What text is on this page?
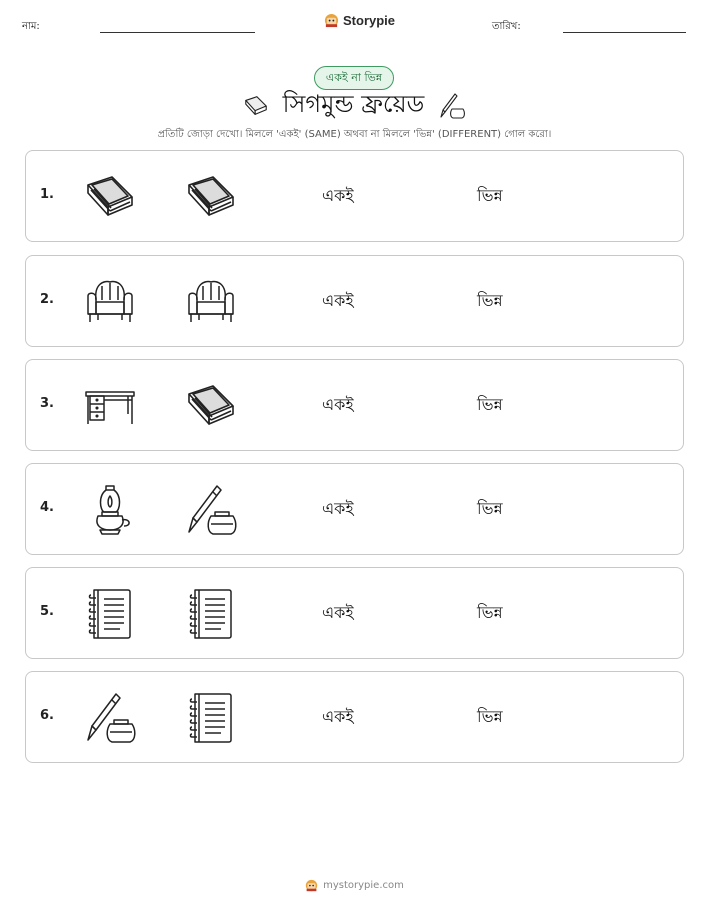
নাম:	Storypie	তারিখ:
একই না ভিন্ন
সিগমুন্ড ফ্রয়েড
প্রতিটি জোড়া দেখো। মিললে 'একই' (SAME) অথবা না মিললে 'ভিন্ন' (DIFFERENT) গোল করো।
1.	একই	ভিন্ন
2.	একই	ভিন্ন
3.	একই	ভিন্ন
4.	একই	ভিন্ন
5.	একই	ভিন্ন
6.	একই	ভিন্ন
mystorypie.com
